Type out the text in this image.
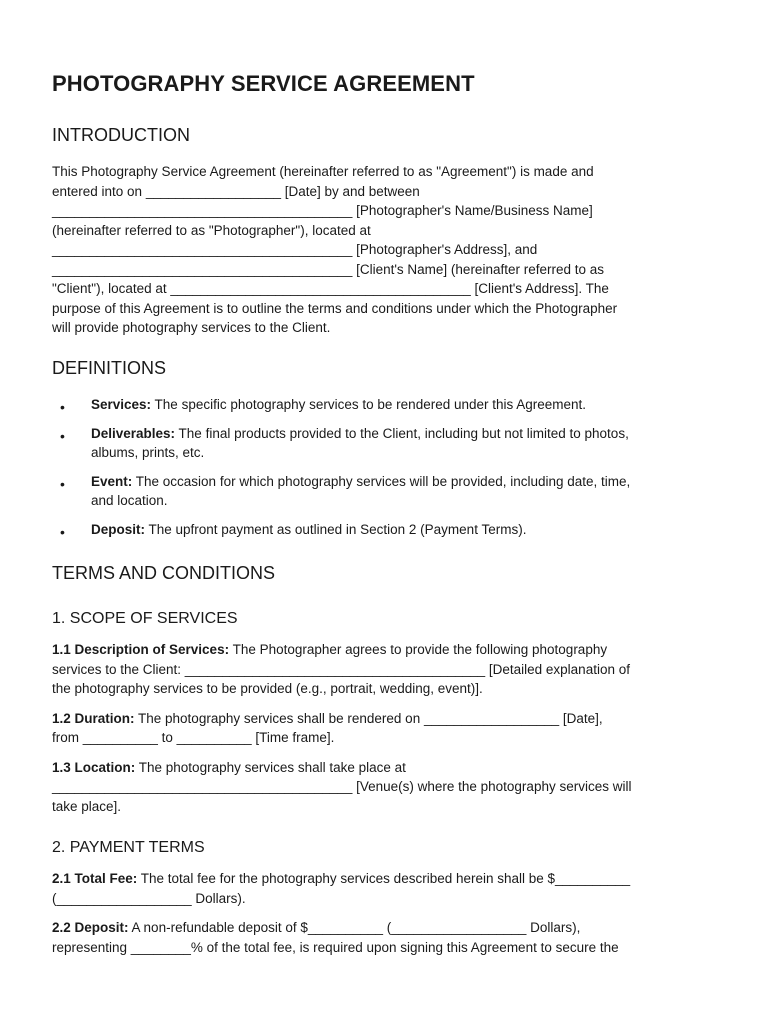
PHOTOGRAPHY SERVICE AGREEMENT
INTRODUCTION

This Photography Service Agreement (hereinafter referred to as "Agreement") is made and

entered into on __________________ [Date] by and between

________________________________________ [Photographer's Name/Business Name]

(hereinafter referred to as "Photographer"), located at

________________________________________ [Photographer's Address], and

________________________________________ [Client's Name] (hereinafter referred to as

"Client"), located at ________________________________________ [Client's Address]. The

purpose of this Agreement is to outline the terms and conditions under which the Photographer

will provide photography services to the Client.

DEFINITIONS
• Services: The specific photography services to be rendered under this Agreement.
• Deliverables: The final products provided to the Client, including but not limited to photos,
albums, prints, etc.
• Event: The occasion for which photography services will be provided, including date, time,
and location.
• Deposit: The upfront payment as outlined in Section 2 (Payment Terms).
TERMS AND CONDITIONS
1. SCOPE OF SERVICES

1.1 Description of Services: The Photographer agrees to provide the following photography

services to the Client: ________________________________________ [Detailed explanation of

the photography services to be provided (e.g., portrait, wedding, event)].

1.2 Duration: The photography services shall be rendered on __________________ [Date],

from __________ to __________ [Time frame].

1.3 Location: The photography services shall take place at

________________________________________ [Venue(s) where the photography services will

take place].

2. PAYMENT TERMS

2.1 Total Fee: The total fee for the photography services described herein shall be $__________

(__________________ Dollars).

2.2 Deposit: A non-refundable deposit of $__________ (__________________ Dollars),

representing ________% of the total fee, is required upon signing this Agreement to secure the
